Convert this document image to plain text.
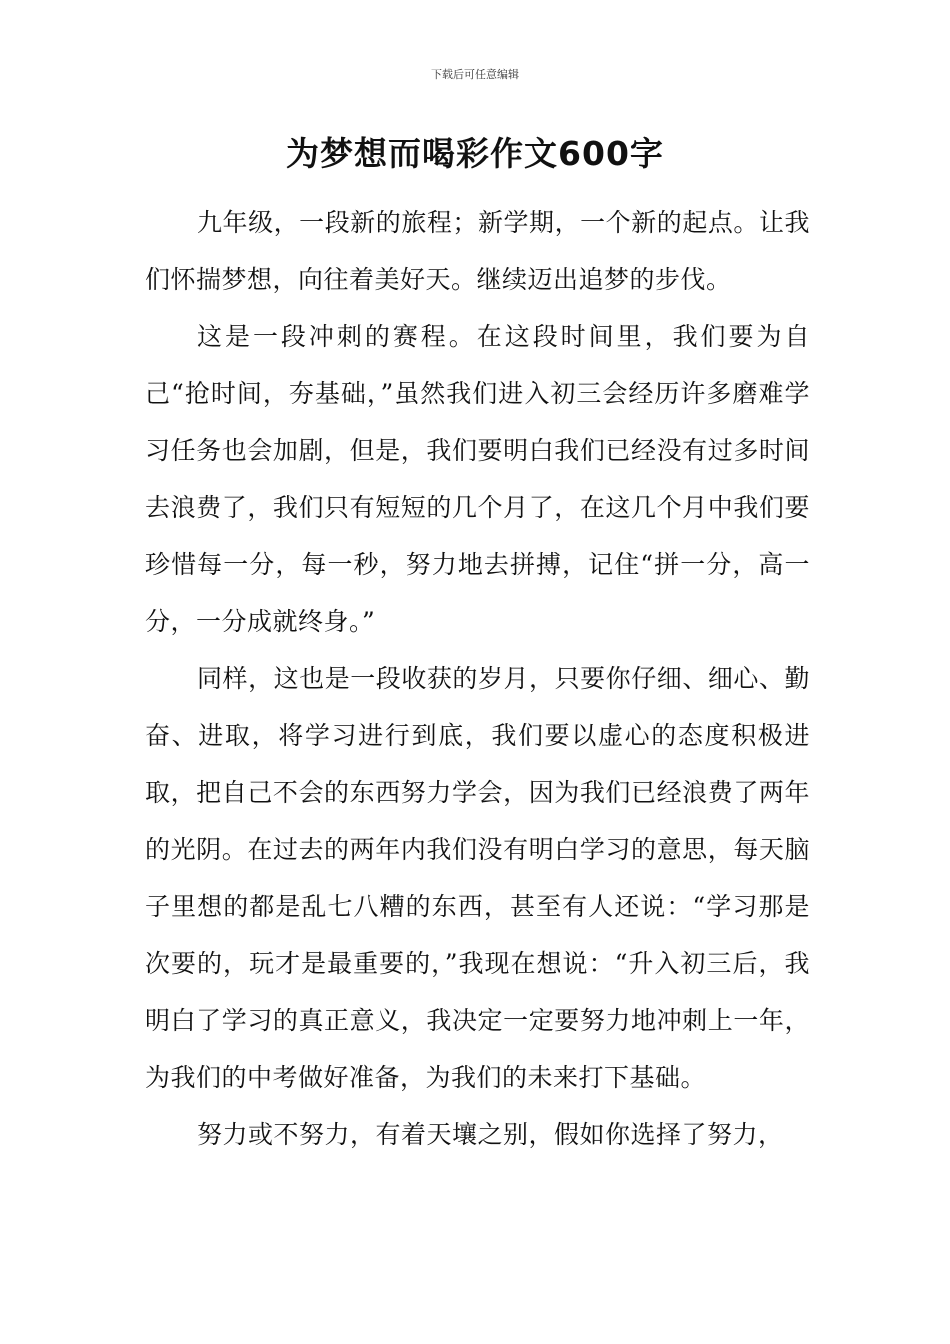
下载后可任意编辑
为梦想而喝彩作文600字

九年级，一段新的旅程；新学期，一个新的起点。让我们怀揣梦想，向往着美好天。继续迈出追梦的步伐。

这是一段冲刺的赛程。在这段时间里，我们要为自己“抢时间，夯基础，”虽然我们进入初三会经历许多磨难学习任务也会加剧，但是，我们要明白我们已经没有过多时间去浪费了，我们只有短短的几个月了，在这几个月中我们要珍惜每一分，每一秒，努力地去拼搏，记住“拼一分，高一分，一分成就终身。”

同样，这也是一段收获的岁月，只要你仔细、细心、勤奋、进取，将学习进行到底，我们要以虚心的态度积极进取，把自己不会的东西努力学会，因为我们已经浪费了两年的光阴。在过去的两年内我们没有明白学习的意思，每天脑子里想的都是乱七八糟的东西，甚至有人还说：“学习那是次要的，玩才是最重要的，”我现在想说：“升入初三后，我明白了学习的真正意义，我决定一定要努力地冲刺上一年，为我们的中考做好准备，为我们的未来打下基础。

努力或不努力，有着天壤之别，假如你选择了努力，
